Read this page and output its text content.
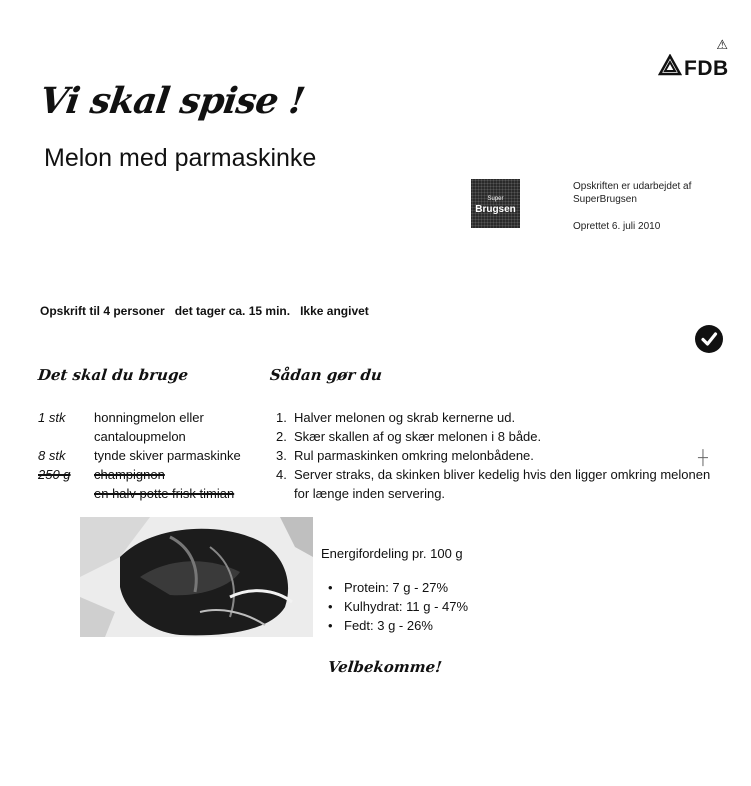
⚠
FDB
Vi skal spise !
Melon med parmaskinke
Super
Brugsen
Opskriften er udarbejdet af SuperBrugsen
Oprettet 6. juli 2010
Opskrift til 4 personer   det tager ca. 15 min.   Ikke angivet
Det skal du bruge	Sådan gør du
1 stk honningmelon eller
cantaloupmelon
8 stk tynde skiver parmaskinke
250 g champignon
en halv potte frisk timian
1. Halver melonen og skrab kernerne ud.
2. Skær skallen af og skær melonen i 8 både.
3. Rul parmaskinken omkring melonbådene.
4. Server straks, da skinken bliver kedelig hvis den ligger omkring melonen for længe inden servering.
┼
Energifordeling pr. 100 g
• Protein: 7 g - 27%
• Kulhydrat: 11 g - 47%
• Fedt: 3 g - 26%
Velbekomme!
